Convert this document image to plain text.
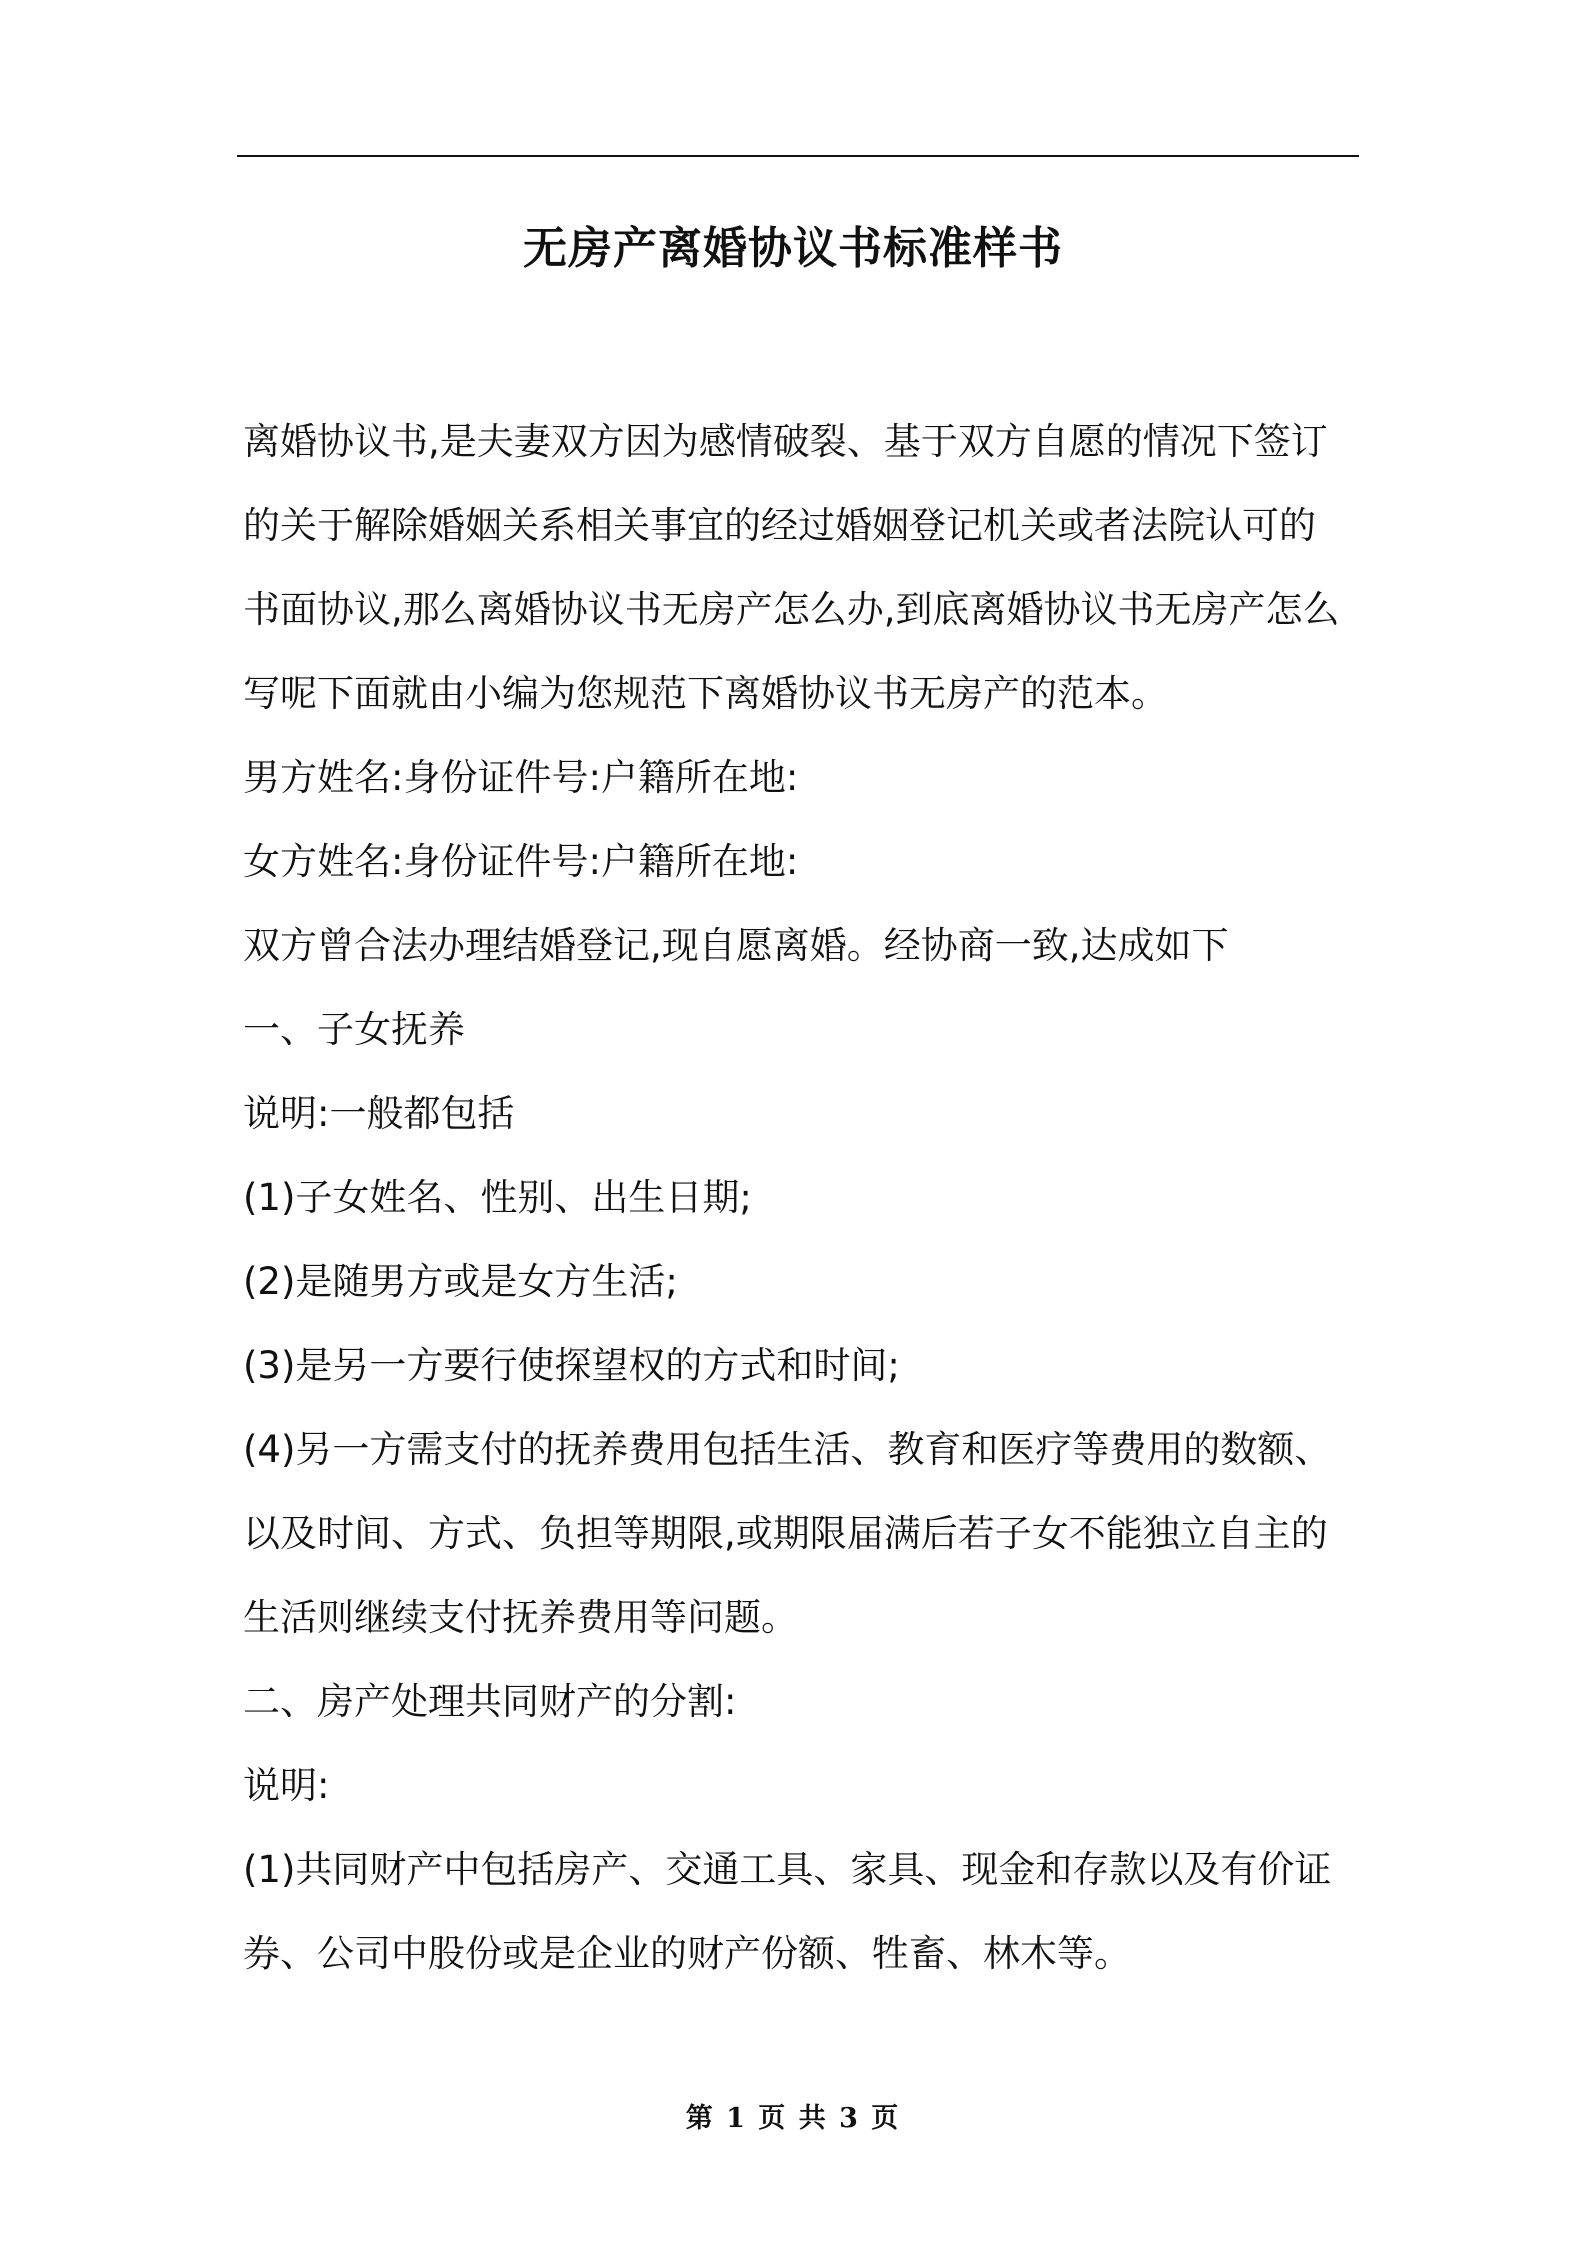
无房产离婚协议书标准样书

离婚协议书,是夫妻双方因为感情破裂、基于双方自愿的情况下签订

的关于解除婚姻关系相关事宜的经过婚姻登记机关或者法院认可的

书面协议,那么离婚协议书无房产怎么办,到底离婚协议书无房产怎么

写呢下面就由小编为您规范下离婚协议书无房产的范本。

男方姓名:身份证件号:户籍所在地:

女方姓名:身份证件号:户籍所在地:

双方曾合法办理结婚登记,现自愿离婚。经协商一致,达成如下

一、子女抚养

说明:一般都包括

(1)子女姓名、性别、出生日期;

(2)是随男方或是女方生活;

(3)是另一方要行使探望权的方式和时间;

(4)另一方需支付的抚养费用包括生活、教育和医疗等费用的数额、

以及时间、方式、负担等期限,或期限届满后若子女不能独立自主的

生活则继续支付抚养费用等问题。

二、房产处理共同财产的分割:

说明:

(1)共同财产中包括房产、交通工具、家具、现金和存款以及有价证

券、公司中股份或是企业的财产份额、牲畜、林木等。

第 1 页 共 3 页
